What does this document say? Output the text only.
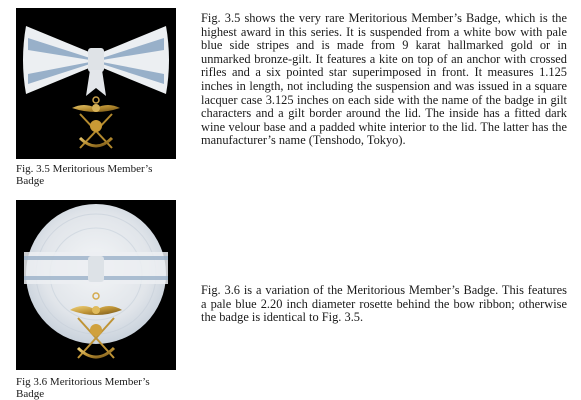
Fig. 3.5 Meritorious Member’s Badge
Fig 3.6 Meritorious Member’s Badge

Fig. 3.5 shows the very rare Meritorious Member’s Badge, which is the highest award in this series. It is suspended from a white bow with pale blue side stripes and is made from 9 karat hallmarked gold or in unmarked bronze-gilt. It features a kite on top of an anchor with crossed rifles and a six pointed star superimposed in front. It measures 1.125 inches in length, not including the suspension and was issued in a square lacquer case 3.125 inches on each side with the name of the badge in gilt characters and a gilt border around the lid. The inside has a fitted dark wine velour base and a padded white interior to the lid. The latter has the manufacturer’s name (Tenshodo, Tokyo).

Fig. 3.6 is a variation of the Meritorious Member’s Badge. This features a pale blue 2.20 inch diameter rosette behind the bow ribbon; otherwise the badge is identical to Fig. 3.5.
